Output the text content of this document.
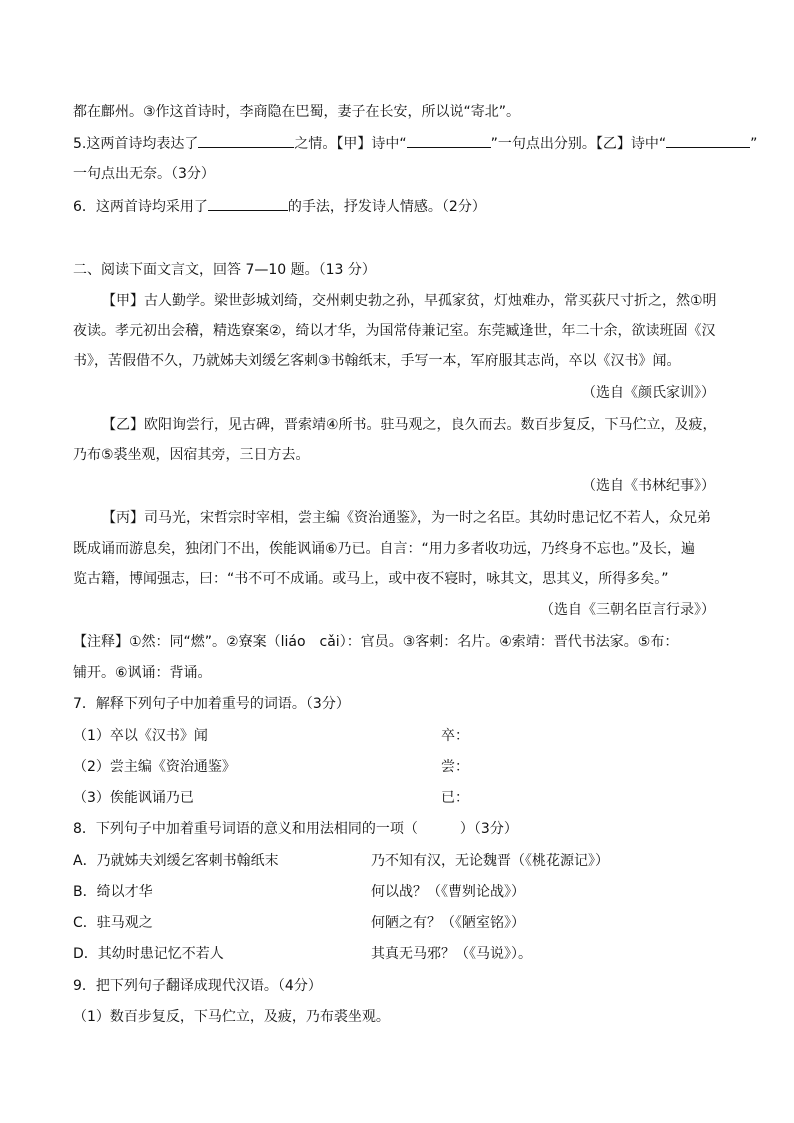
都在鄜州。③作这首诗时，李商隐在巴蜀，妻子在长安，所以说“寄北”。
5.这两首诗均表达了	之情。【甲】诗中“	”一句点出分别。【乙】诗中“	”
一句点出无奈。（3分）
6．这两首诗均采用了	的手法，抒发诗人情感。（2分）
二、阅读下面文言文，回答 7—10 题。（13 分）
【甲】古人勤学。梁世彭城刘绮，交州刺史勃之孙，早孤家贫，灯烛难办，常买荻尺寸折之，然①明
夜读。孝元初出会稽，精选寮案②，绮以才华，为国常侍兼记室。东莞臧逢世，年二十余，欲读班固《汉
书》，苦假借不久，乃就姊夫刘缓乞客刺③书翰纸末，手写一本，军府服其志尚，卒以《汉书》闻。
（选自《颜氏家训》）
【乙】欧阳询尝行，见古碑，晋索靖④所书。驻马观之，良久而去。数百步复反，下马伫立，及疲，
乃布⑤裘坐观，因宿其旁，三日方去。
（选自《书林纪事》）
【丙】司马光，宋哲宗时宰相，尝主编《资治通鉴》，为一时之名臣。其幼时患记忆不若人，众兄弟
既成诵而游息矣，独闭门不出，俟能讽诵⑥乃已。自言：“用力多者收功远，乃终身不忘也。”及长，遍
览古籍，博闻强志，曰：“书不可不成诵。或马上，或中夜不寝时，咏其文，思其义，所得多矣。”
（选自《三朝名臣言行录》）
【注释】①然：同“燃”。②寮案（liáo　cǎi）：官员。③客刺：名片。④索靖：晋代书法家。⑤布：
铺开。⑥讽诵：背诵。
7．解释下列句子中加着重号的词语。（3分）
（1）卒以《汉书》闻	卒：
（2）尝主编《资治通鉴》	尝：
（3）俟能讽诵乃已	已：
8．下列句子中加着重号词语的意义和用法相同的一项（　　　）（3分）
A．乃就姊夫刘缓乞客刺书翰纸末	乃不知有汉，无论魏晋（《桃花源记》）
B．绮以才华	何以战？（《曹刿论战》）
C．驻马观之	何陋之有？（《陋室铭》）
D．其幼时患记忆不若人	其真无马邪？（《马说》）。
9．把下列句子翻译成现代汉语。（4分）
（1）数百步复反，下马伫立，及疲，乃布裘坐观。
